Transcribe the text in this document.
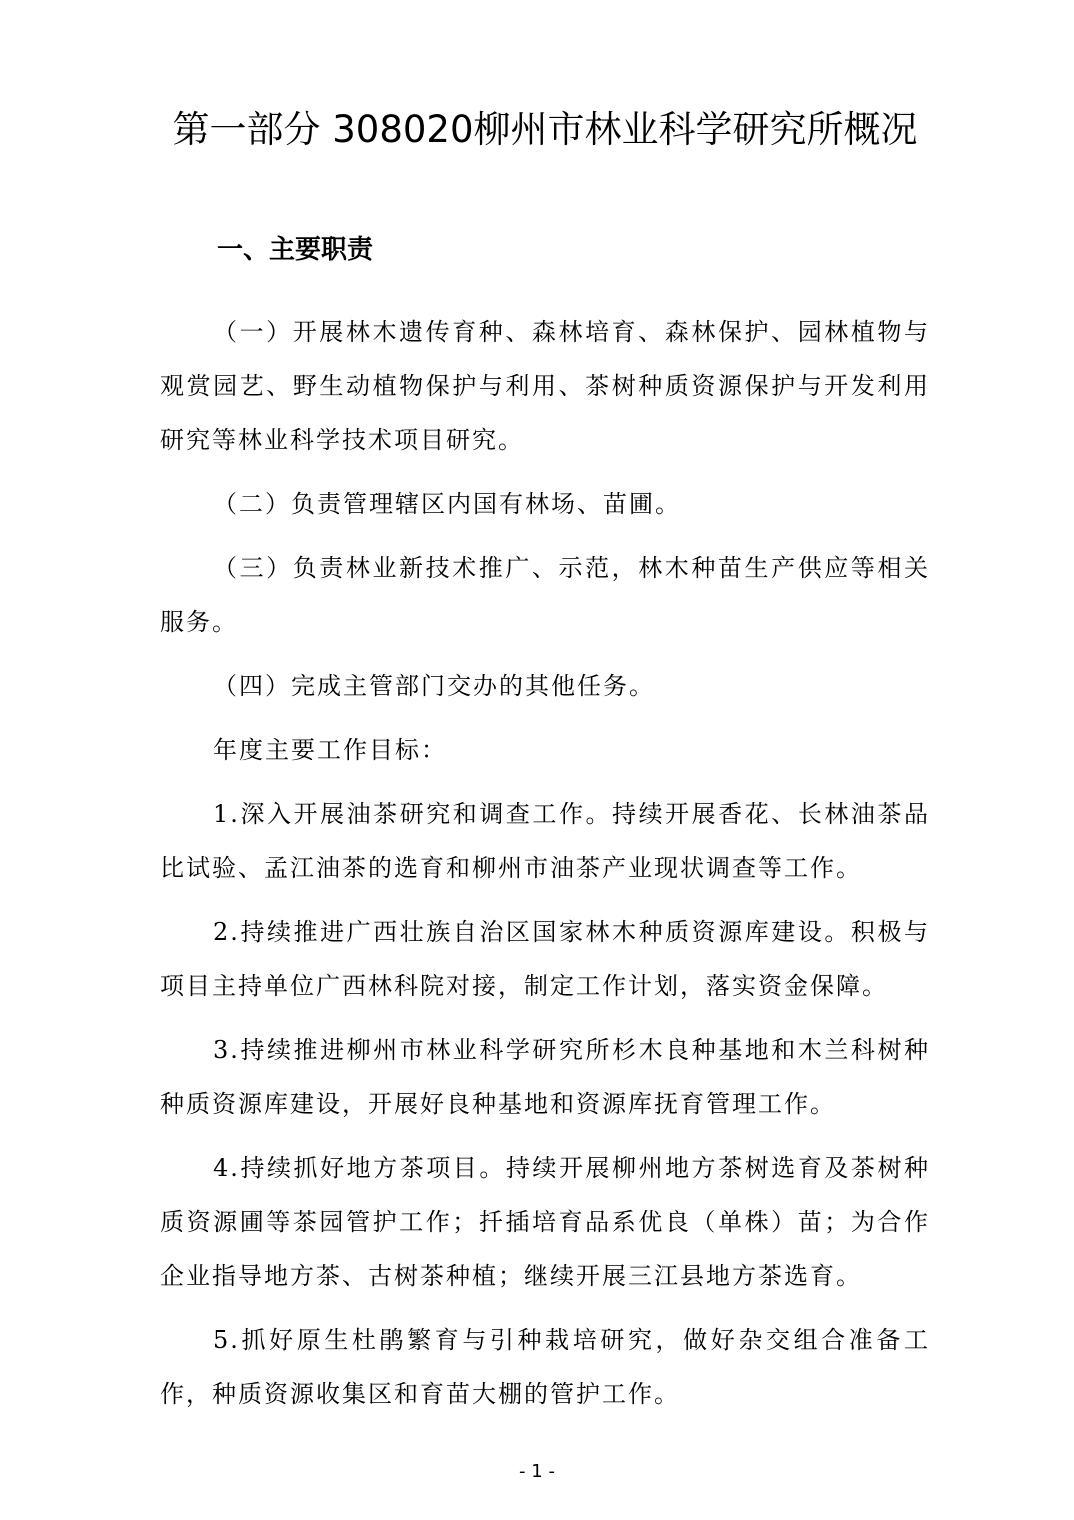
第一部分 308020柳州市林业科学研究所概况
一、主要职责

（一）开展林木遗传育种、森林培育、森林保护、园林植物与观赏园艺、野生动植物保护与利用、茶树种质资源保护与开发利用研究等林业科学技术项目研究。

（二）负责管理辖区内国有林场、苗圃。

（三）负责林业新技术推广、示范，林木种苗生产供应等相关服务。

（四）完成主管部门交办的其他任务。

年度主要工作目标：

1.深入开展油茶研究和调查工作。持续开展香花、长林油茶品比试验、孟江油茶的选育和柳州市油茶产业现状调查等工作。

2.持续推进广西壮族自治区国家林木种质资源库建设。积极与项目主持单位广西林科院对接，制定工作计划，落实资金保障。

3.持续推进柳州市林业科学研究所杉木良种基地和木兰科树种种质资源库建设，开展好良种基地和资源库抚育管理工作。

4.持续抓好地方茶项目。持续开展柳州地方茶树选育及茶树种质资源圃等茶园管护工作；扦插培育品系优良（单株）苗；为合作企业指导地方茶、古树茶种植；继续开展三江县地方茶选育。

5.抓好原生杜鹃繁育与引种栽培研究，做好杂交组合准备工作，种质资源收集区和育苗大棚的管护工作。

- 1 -
